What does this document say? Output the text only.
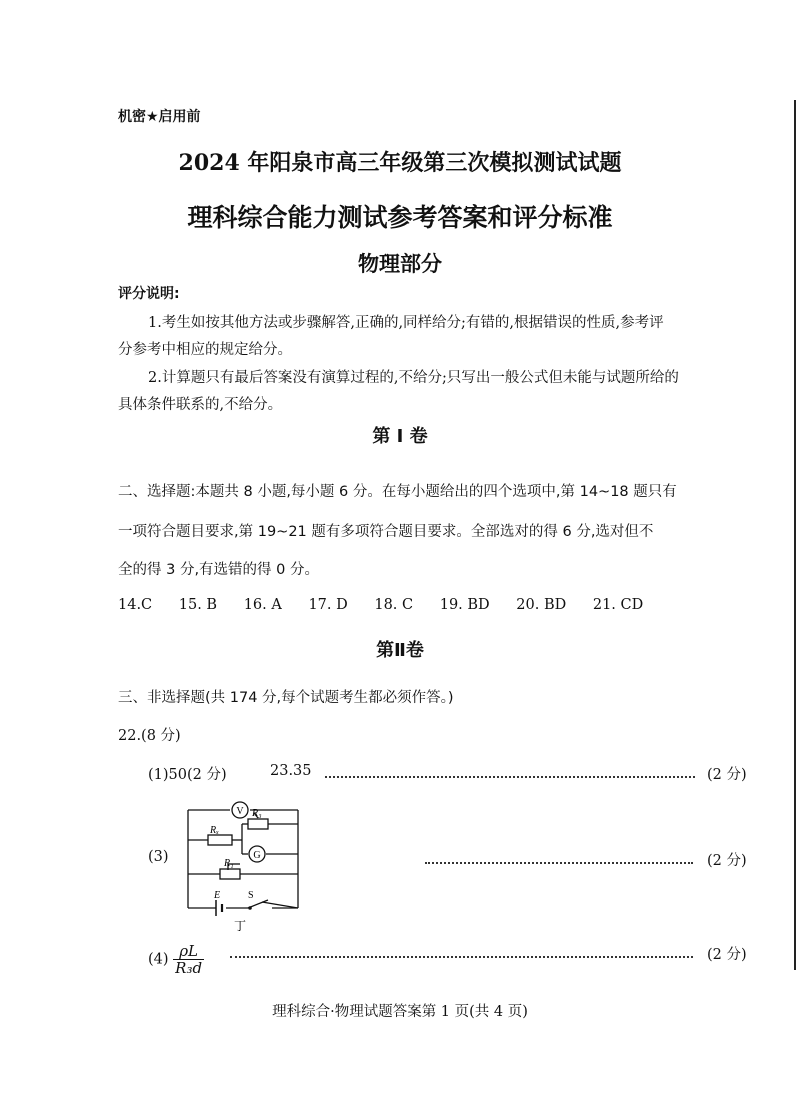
机密★启用前
2024 年阳泉市高三年级第三次模拟测试试题
理科综合能力测试参考答案和评分标准
物理部分
评分说明:
1.考生如按其他方法或步骤解答,正确的,同样给分;有错的,根据错误的性质,参考评
分参考中相应的规定给分。
2.计算题只有最后答案没有演算过程的,不给分;只写出一般公式但未能与试题所给的
具体条件联系的,不给分。
第 Ⅰ 卷
二、选择题:本题共 8 小题,每小题 6 分。在每小题给出的四个选项中,第 14~18 题只有
一项符合题目要求,第 19~21 题有多项符合题目要求。全部选对的得 6 分,选对但不
全的得 3 分,有选错的得 0 分。
14.C 15. B 16. A 17. D 18. C 19. BD 20. BD 21. CD
第Ⅱ卷
三、非选择题(共 174 分,每个试题考生都必须作答。)
22.(8 分)
(1)50(2 分)	23.35	(2 分)
(3)
V
G
R₃
Rₓ
R₁
E	S
丁
(2 分)
$(4) \frac{\rho L}{\text{R₃d}}$	(2 分)
理科综合·物理试题答案第 1 页(共 4 页)
